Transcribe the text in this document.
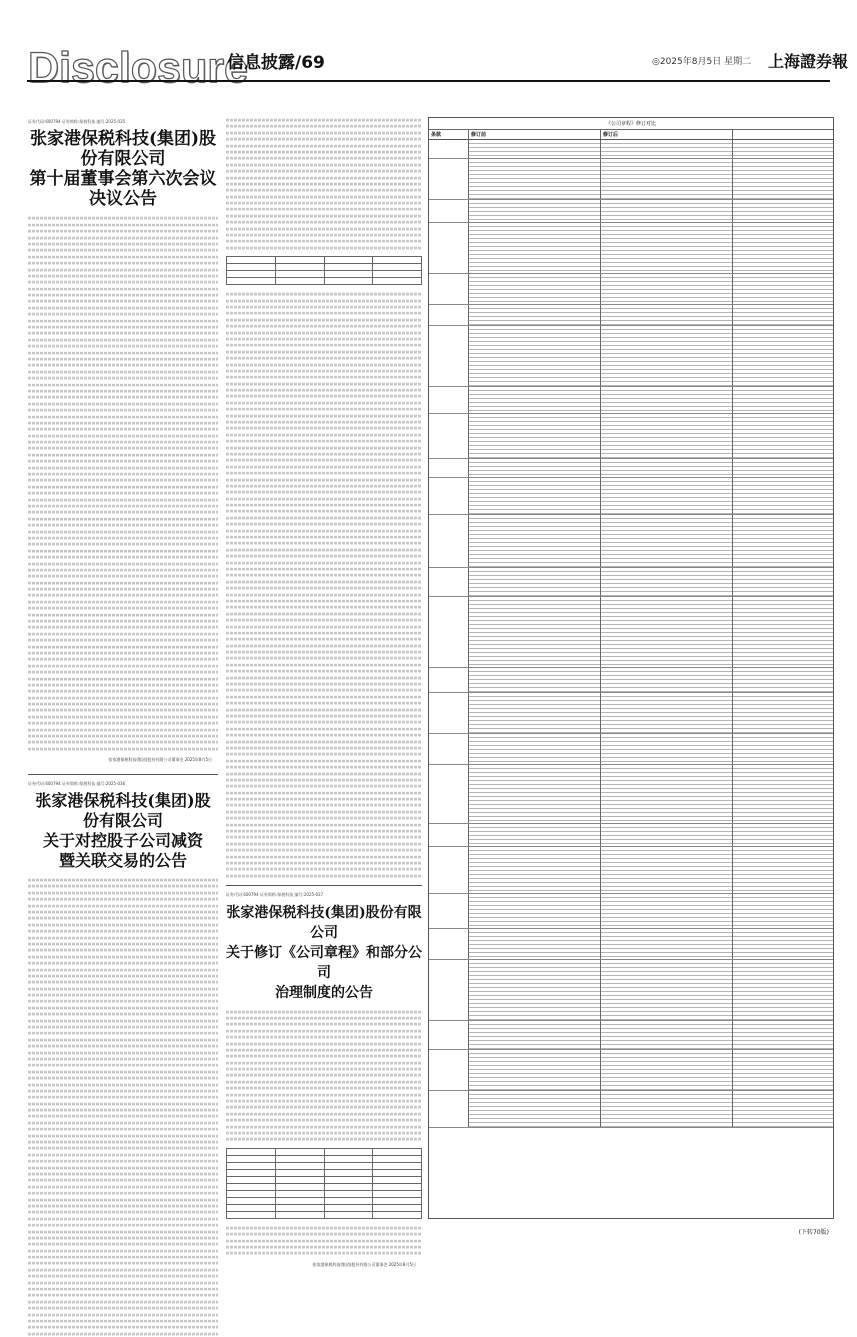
Disclosure
信息披露/69	◎2025年8月5日 星期二 上海證券報
证券代码:600794 证券简称:保税科技 编号:2025-035
张家港保税科技(集团)股份有限公司
第十届董事会第六次会议决议公告
张家港保税科技(集团)股份有限公司董事会 2025年8月5日
证券代码:600794 证券简称:保税科技 编号:2025-036
张家港保税科技(集团)股份有限公司
关于对控股子公司减资
暨关联交易的公告

证券代码:600794 证券简称:保税科技 编号:2025-037
张家港保税科技(集团)股份有限公司
关于修订《公司章程》和部分公司
治理制度的公告

张家港保税科技(集团)股份有限公司董事会 2025年8月5日
《公司章程》修订对比
条款	修订前	修订后
(下转70版)
